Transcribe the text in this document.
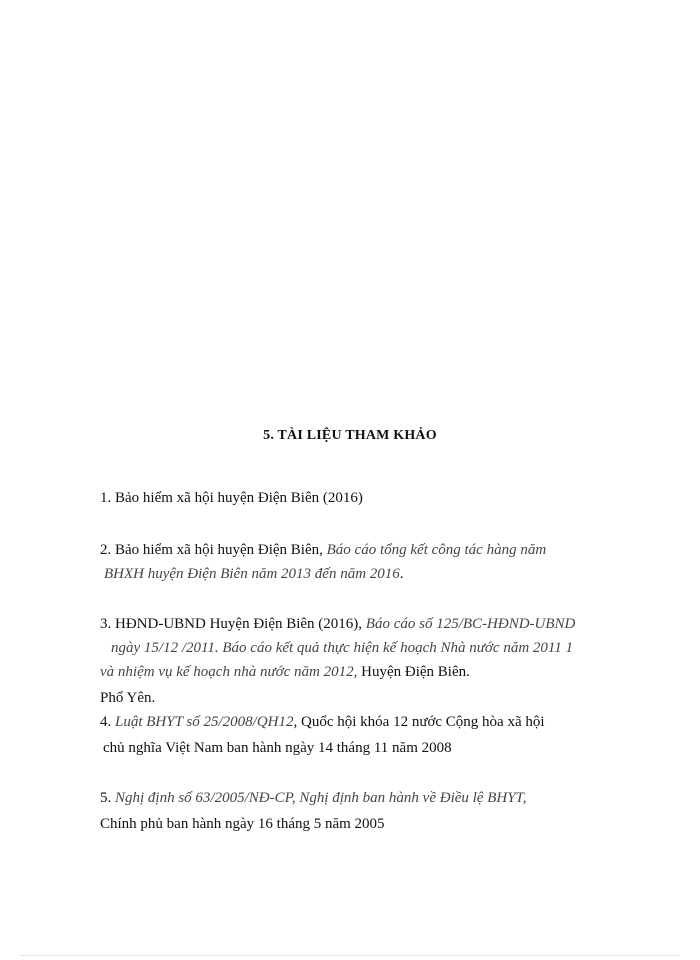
5. TÀI LIỆU THAM KHẢO
1. Bảo hiểm xã hội huyện Điện Biên (2016)
2. Bảo hiểm xã hội huyện Điện Biên, Báo cáo tổng kết công tác hàng năm
BHXH huyện Điện Biên năm 2013 đến năm 2016.
3. HĐND-UBND Huyện Điện Biên (2016), Báo cáo số 125/BC-HĐND-UBND
ngày 15/12 /2011. Báo cáo kết quả thực hiện kế hoạch Nhà nước năm 2011 1
và nhiệm vụ kế hoạch nhà nước năm 2012, Huyện Điện Biên.
Phổ Yên.
4. Luật BHYT số 25/2008/QH12, Quốc hội khóa 12 nước Cộng hòa xã hội
chủ nghĩa Việt Nam ban hành ngày 14 tháng 11 năm 2008
5. Nghị định số 63/2005/NĐ-CP, Nghị định ban hành về Điều lệ BHYT,
Chính phủ ban hành ngày 16 tháng 5 năm 2005
